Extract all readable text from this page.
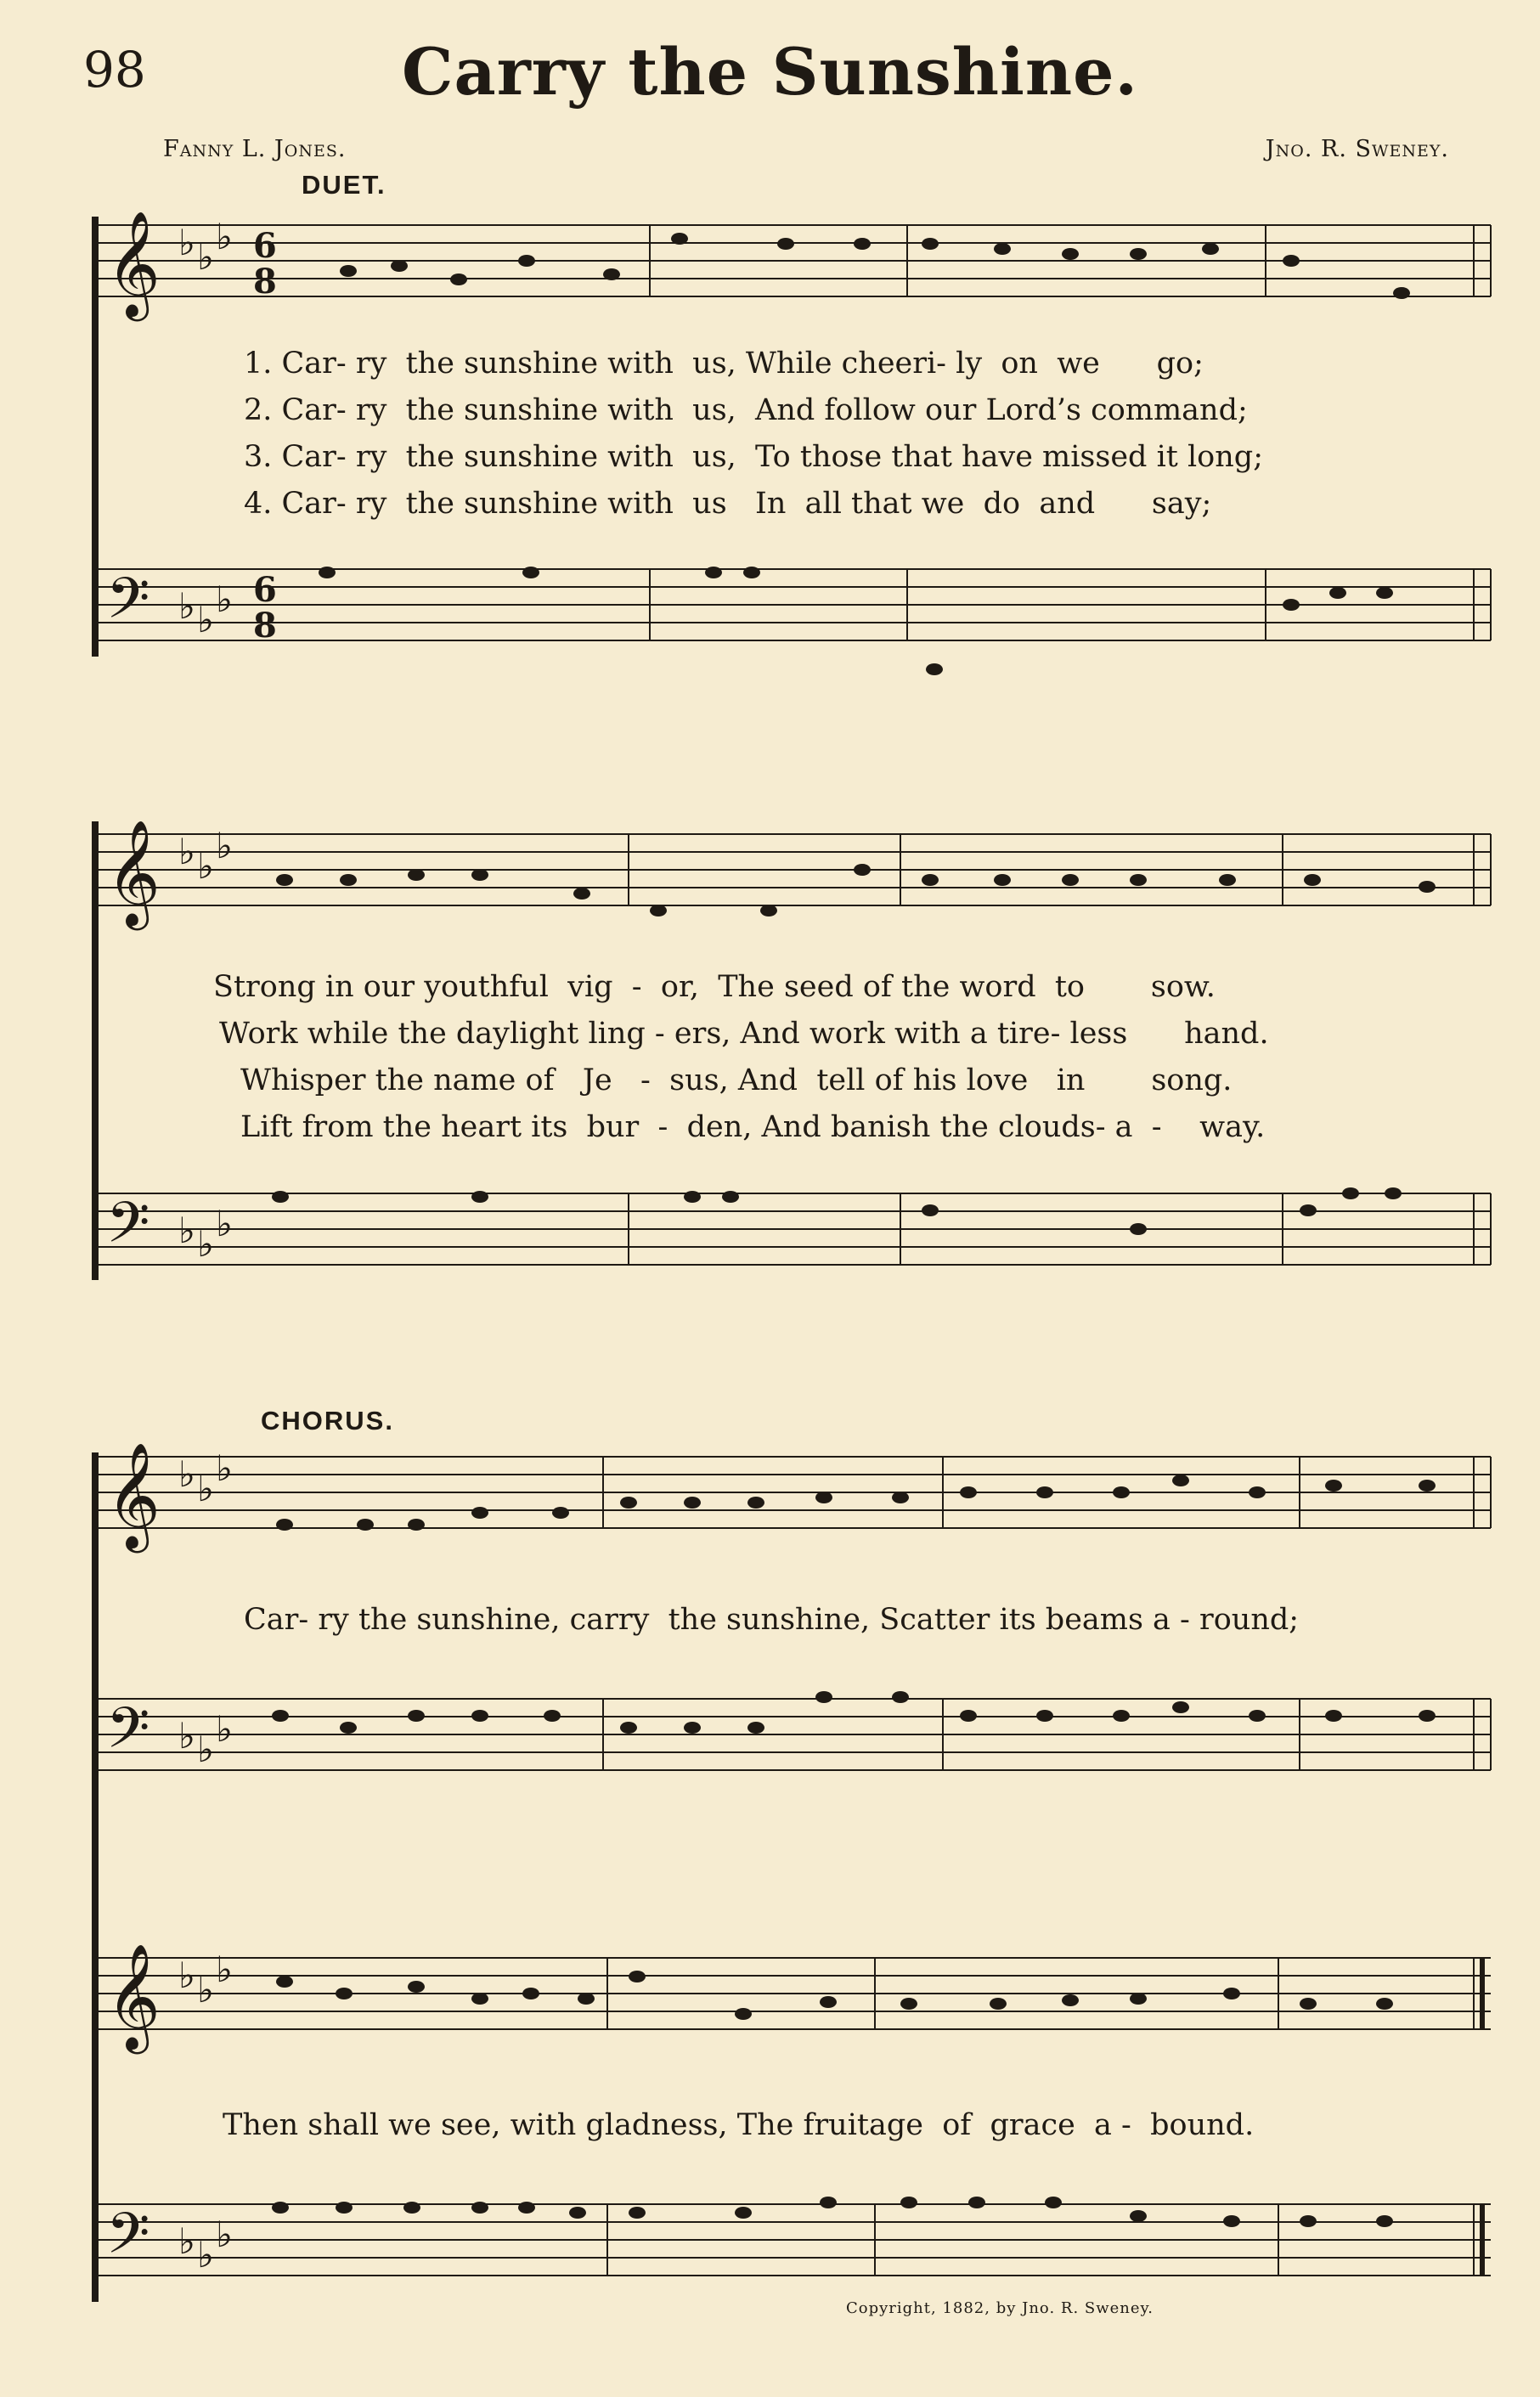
98	Carry the Sunshine.
Fanny L. Jones.	Jno. R. Sweney.
DUET.
CHORUS.
𝄞 ♭ ♭ ♭ 6
8
1. Car- ry  the sunshine with  us, While cheeri- ly  on  we      go;
2. Car- ry  the sunshine with  us,  And follow our Lord’s command;
3. Car- ry  the sunshine with  us,  To those that have missed it long;
4. Car- ry  the sunshine with  us   In  all that we  do  and      say;
𝄢 ♭ ♭ ♭ 6
8
𝄞 ♭ ♭ ♭
Strong in our youthful  vig  -  or,  The seed of the word  to       sow.
Work while the daylight ling - ers, And work with a tire- less      hand.
Whisper the name of   Je   -  sus, And  tell of his love   in       song.
Lift from the heart its  bur  -  den, And banish the clouds- a  -    way.
𝄢 ♭ ♭ ♭
𝄞 ♭ ♭ ♭
Car- ry the sunshine, carry  the sunshine, Scatter its beams a - round;
𝄢 ♭ ♭ ♭
𝄞 ♭ ♭ ♭
Then shall we see, with gladness, The fruitage  of  grace  a -  bound.
𝄢 ♭ ♭ ♭
Copyright, 1882, by Jno. R. Sweney.
